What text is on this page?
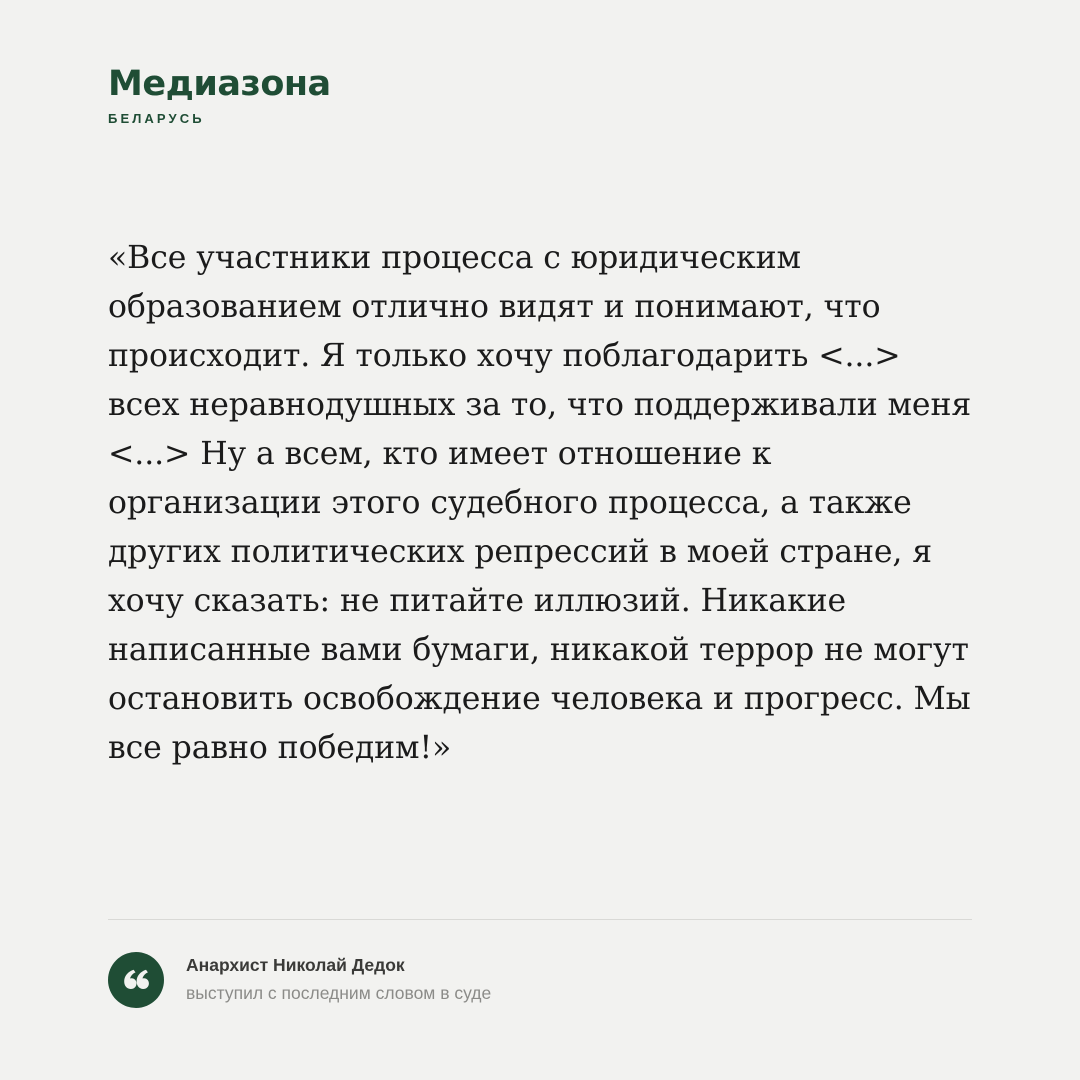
Медиазона
БЕЛАРУСЬ

«Все участники процесса с юридическим образованием отлично видят и понимают, что происходит. Я только хочу поблагодарить <...> всех неравнодушных за то, что поддерживали меня <...> Ну а всем, кто имеет отношение к организации этого судебного процесса, а также других политических репрессий в моей стране, я хочу сказать: не питайте иллюзий. Никакие написанные вами бумаги, никакой террор не могут остановить освобождение человека и прогресс. Мы все равно победим!»

Анархист Николай Дедок
выступил с последним словом в суде
